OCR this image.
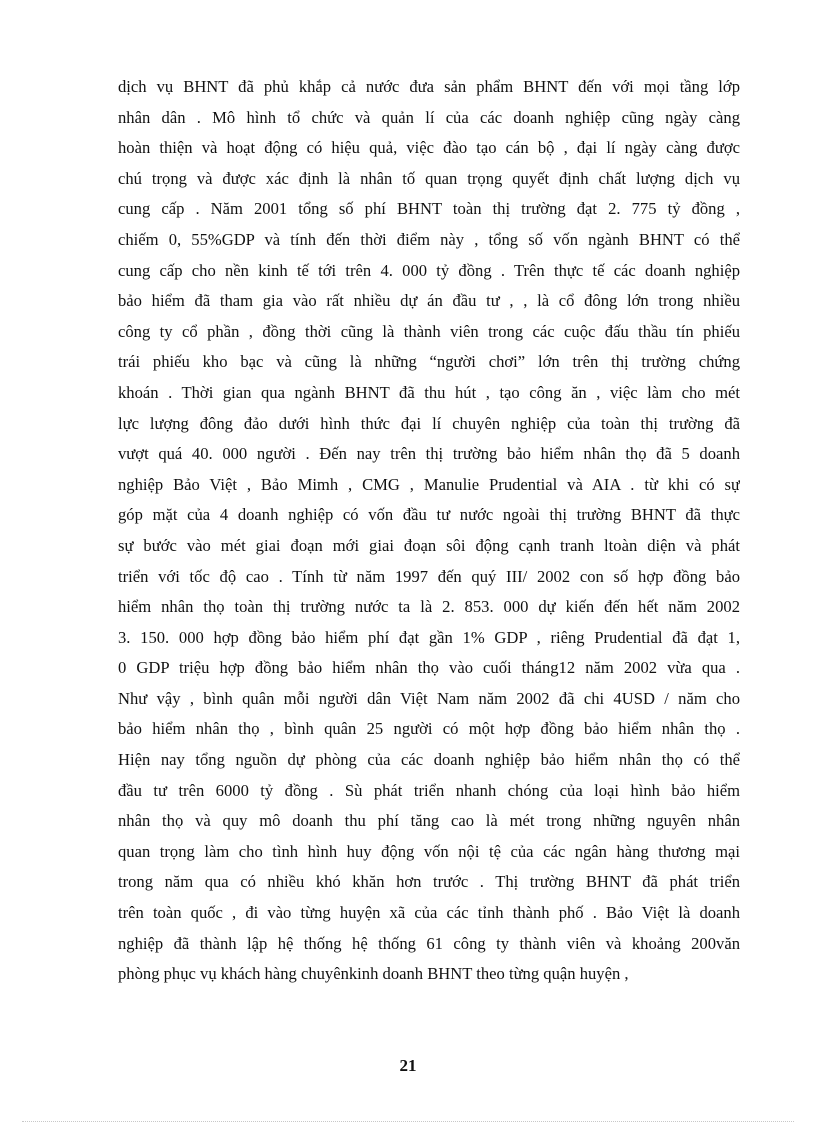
dịch vụ BHNT đã phủ khắp cả nước đưa sản phẩm BHNT đến với mọi tầng lớp
nhân dân . Mô hình tổ chức và quản lí của các doanh nghiệp cũng ngày càng
hoàn thiện và hoạt động có hiệu quả, việc đào tạo cán bộ , đại lí ngày càng được
chú trọng và được xác định là nhân tố quan trọng quyết định chất lượng dịch vụ
cung cấp . Năm 2001 tổng số phí BHNT toàn thị trường đạt 2. 775 tỷ đồng ,
chiếm 0, 55%GDP và tính đến thời điểm này , tổng số vốn ngành BHNT có thể
cung cấp cho nền kinh tế tới trên 4. 000 tỷ đồng . Trên thực tế các doanh nghiệp
bảo hiểm đã tham gia vào rất nhiều dự án đầu tư , , là cổ đông lớn trong nhiều
công ty cổ phần , đồng thời cũng là thành viên trong các cuộc đấu thầu tín phiếu
trái phiếu kho bạc và cũng là những “người chơi” lớn trên thị trường chứng
khoán . Thời gian qua ngành BHNT đã thu hút , tạo công ăn , việc làm cho mét
lực lượng đông đảo dưới hình thức đại lí chuyên nghiệp của toàn thị trường đã
vượt quá 40. 000 người . Đến nay trên thị trường bảo hiểm nhân thọ đã 5 doanh
nghiệp Bảo Việt , Bảo Mimh , CMG , Manulie Prudential và AIA . từ khi có sự
góp mặt của 4 doanh nghiệp có vốn đầu tư nước ngoài thị trường BHNT đã thực
sự bước vào mét giai đoạn mới giai đoạn sôi động cạnh tranh ltoàn diện và phát
triển với tốc độ cao . Tính từ năm 1997 đến quý III/ 2002 con số hợp đồng bảo
hiểm nhân thọ toàn thị trường nước ta là 2. 853. 000 dự kiến đến hết năm 2002
3. 150. 000 hợp đồng bảo hiểm phí đạt gần 1% GDP , riêng Prudential đã đạt 1,
0 GDP triệu hợp đồng bảo hiểm nhân thọ vào cuối tháng12 năm 2002 vừa qua .
Như vậy , bình quân mỗi người dân Việt Nam năm 2002 đã chi 4USD / năm cho
bảo hiểm nhân thọ , bình quân 25 người có một hợp đồng bảo hiểm nhân thọ .
Hiện nay tổng nguồn dự phòng của các doanh nghiệp bảo hiểm nhân thọ có thể
đầu tư trên 6000 tỷ đồng . Sù phát triển nhanh chóng của loại hình bảo hiểm
nhân thọ và quy mô doanh thu phí tăng cao là mét trong những nguyên nhân
quan trọng làm cho tình hình huy động vốn nội tệ của các ngân hàng thương mại
trong năm qua có nhiều khó khăn hơn trước . Thị trường BHNT đã phát triển
trên toàn quốc , đi vào từng huyện xã của các tỉnh thành phố . Bảo Việt là doanh
nghiệp đã thành lập hệ thống hệ thống 61 công ty thành viên và khoảng 200văn
phòng phục vụ khách hàng chuyênkinh doanh BHNT theo từng quận huyện ,
21
